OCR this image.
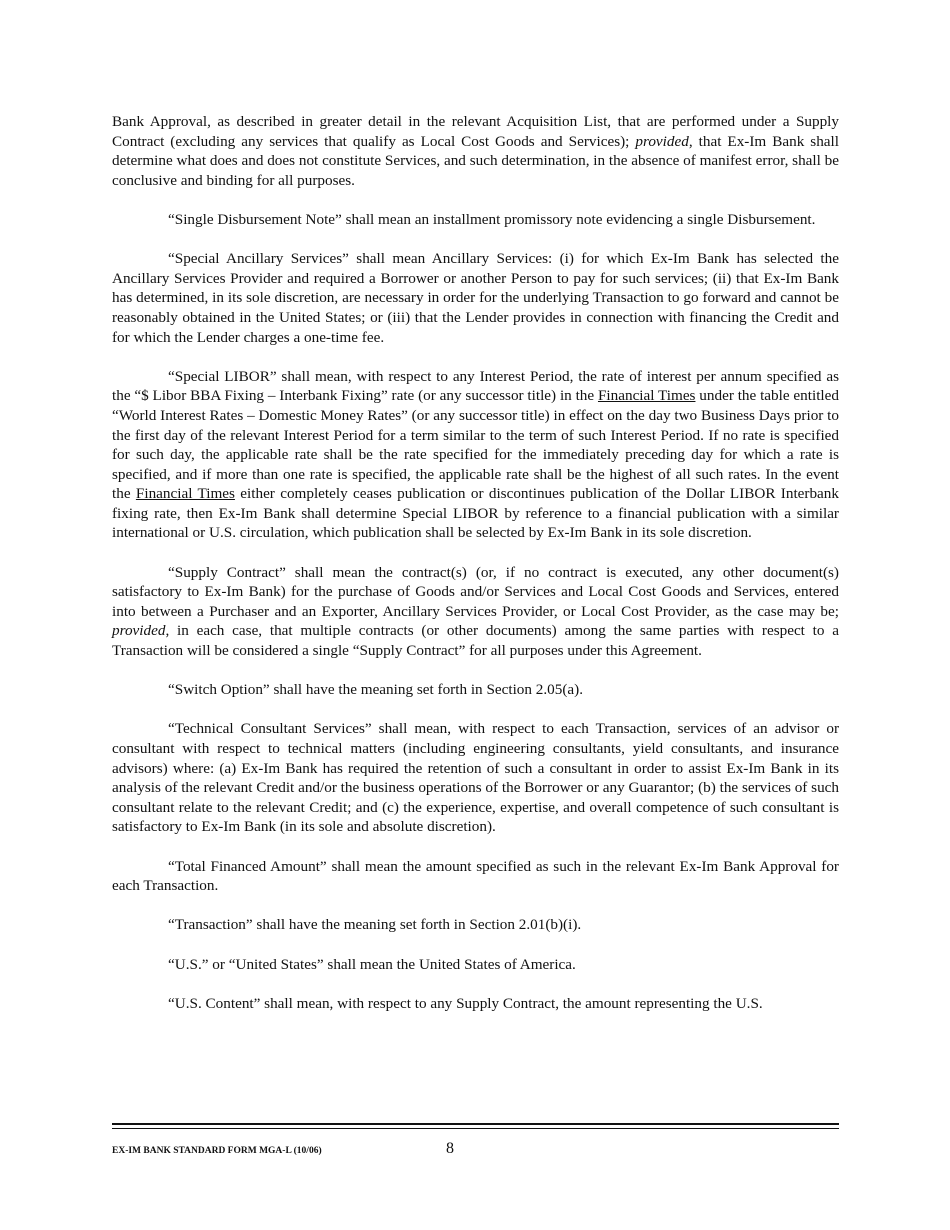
Bank Approval, as described in greater detail in the relevant Acquisition List, that are performed under a Supply Contract (excluding any services that qualify as Local Cost Goods and Services); provided, that Ex-Im Bank shall determine what does and does not constitute Services, and such determination, in the absence of manifest error, shall be conclusive and binding for all purposes.

“Single Disbursement Note” shall mean an installment promissory note evidencing a single Disbursement.

“Special Ancillary Services” shall mean Ancillary Services: (i) for which Ex-Im Bank has selected the Ancillary Services Provider and required a Borrower or another Person to pay for such services; (ii) that Ex-Im Bank has determined, in its sole discretion, are necessary in order for the underlying Transaction to go forward and cannot be reasonably obtained in the United States; or (iii) that the Lender provides in connection with financing the Credit and for which the Lender charges a one-time fee.

“Special LIBOR” shall mean, with respect to any Interest Period, the rate of interest per annum specified as the “$ Libor BBA Fixing – Interbank Fixing” rate (or any successor title) in the Financial Times under the table entitled “World Interest Rates – Domestic Money Rates” (or any successor title) in effect on the day two Business Days prior to the first day of the relevant Interest Period for a term similar to the term of such Interest Period. If no rate is specified for such day, the applicable rate shall be the rate specified for the immediately preceding day for which a rate is specified, and if more than one rate is specified, the applicable rate shall be the highest of all such rates. In the event the Financial Times either completely ceases publication or discontinues publication of the Dollar LIBOR Interbank fixing rate, then Ex-Im Bank shall determine Special LIBOR by reference to a financial publication with a similar international or U.S. circulation, which publication shall be selected by Ex-Im Bank in its sole discretion.

“Supply Contract” shall mean the contract(s) (or, if no contract is executed, any other document(s) satisfactory to Ex-Im Bank) for the purchase of Goods and/or Services and Local Cost Goods and Services, entered into between a Purchaser and an Exporter, Ancillary Services Provider, or Local Cost Provider, as the case may be; provided, in each case, that multiple contracts (or other documents) among the same parties with respect to a Transaction will be considered a single “Supply Contract” for all purposes under this Agreement.

“Switch Option” shall have the meaning set forth in Section 2.05(a).

“Technical Consultant Services” shall mean, with respect to each Transaction, services of an advisor or consultant with respect to technical matters (including engineering consultants, yield consultants, and insurance advisors) where: (a) Ex-Im Bank has required the retention of such a consultant in order to assist Ex-Im Bank in its analysis of the relevant Credit and/or the business operations of the Borrower or any Guarantor; (b) the services of such consultant relate to the relevant Credit; and (c) the experience, expertise, and overall competence of such consultant is satisfactory to Ex-Im Bank (in its sole and absolute discretion).

“Total Financed Amount” shall mean the amount specified as such in the relevant Ex-Im Bank Approval for each Transaction.

“Transaction” shall have the meaning set forth in Section 2.01(b)(i).

“U.S.” or “United States” shall mean the United States of America.

“U.S. Content” shall mean, with respect to any Supply Contract, the amount representing the U.S.

EX-IM BANK STANDARD FORM MGA-L (10/06)	8
